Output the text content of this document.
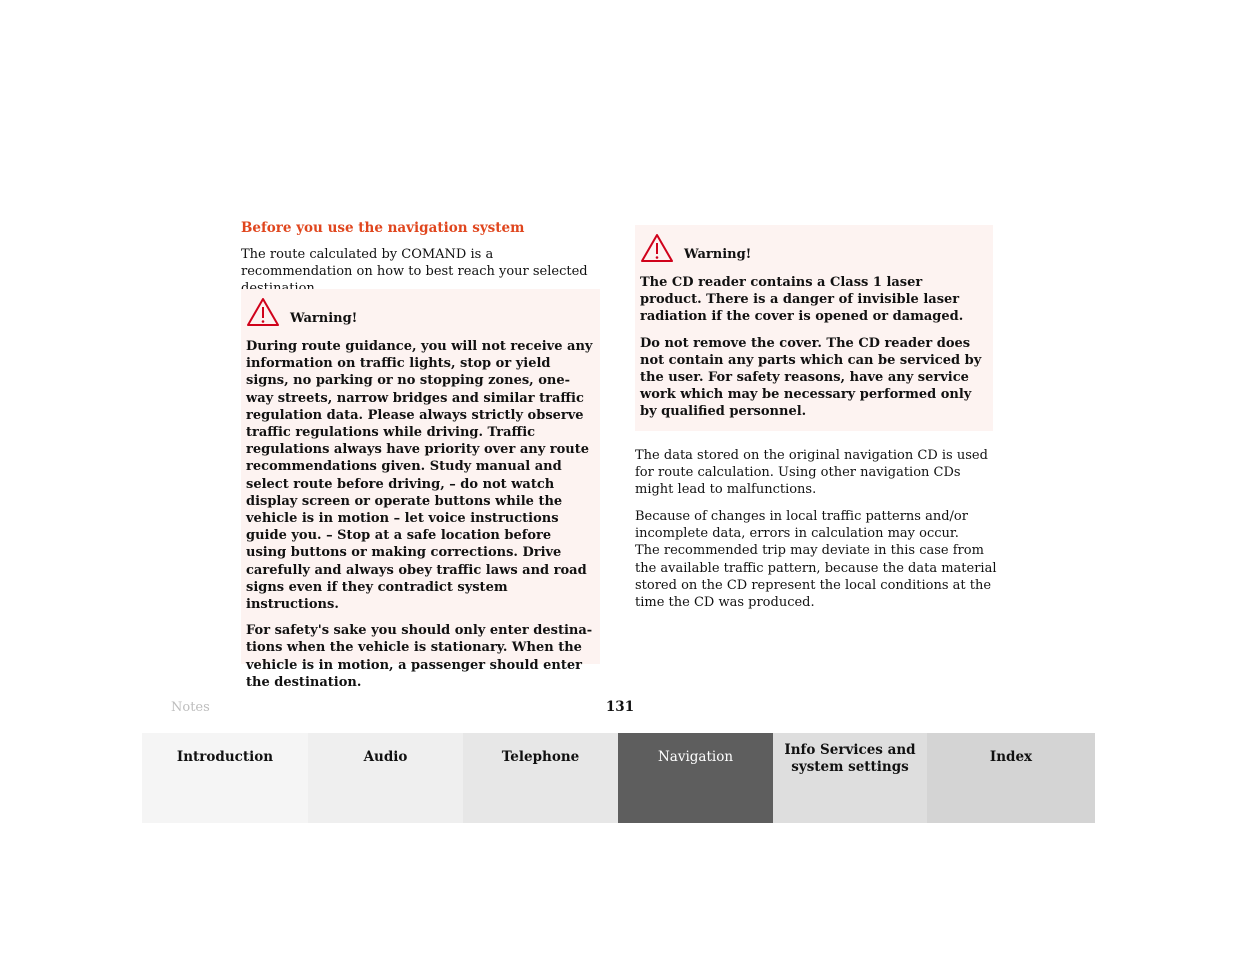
Before you use the navigation system

The route calculated by COMAND is a recommendation on how to best reach your selected

Warning!

During route guidance, you will not receive any information on traffic lights, stop or yield signs, no parking or no stopping zones, one-way streets, narrow bridges and similar traffic regulation data. Please always strictly observe traffic regulations while driving. Traffic regulations always have priority over any route recommendations given. Study manual and select route before driving, – do not watch display screen or operate buttons while the vehicle is in motion – let voice instructions guide you. – Stop at a safe location before using buttons or making corrections. Drive carefully and always obey traffic laws and road signs even if they contradict system instructions.

For safety's sake you should only enter destina-tions when the vehicle is stationary. When the vehicle is in motion, a passenger should enter the destination.

Warning!

The CD reader contains a Class 1 laser product. There is a danger of invisible laser radiation if the cover is opened or damaged.

Do not remove the cover. The CD reader does not contain any parts which can be serviced by the user. For safety reasons, have any service work which may be necessary performed only by qualified personnel.

The data stored on the original navigation CD is used for route calculation. Using other navigation CDs might lead to malfunctions.

Because of changes in local traffic patterns and/or incomplete data, errors in calculation may occur.
The recommended trip may deviate in this case from the available traffic pattern, because the data material stored on the CD represent the local conditions at the time the CD was produced.

Notes	131
Introduction	Audio	Telephone	Navigation	Info Services and
system settings
Index
